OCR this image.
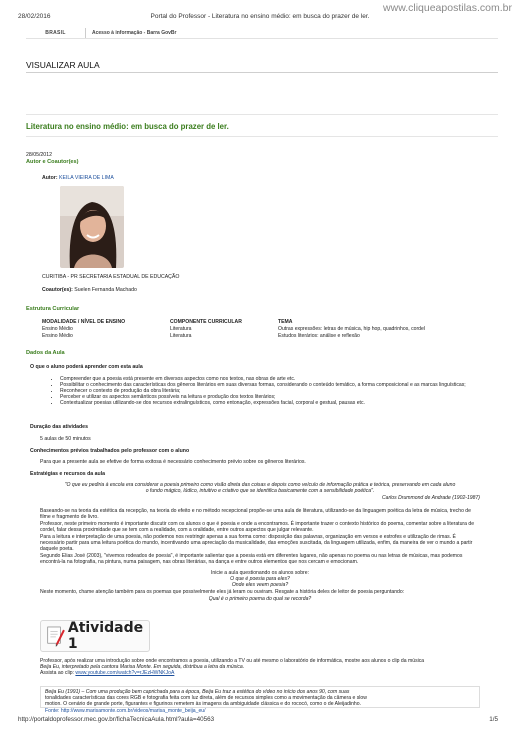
28/02/2016	Portal do Professor - Literatura no ensino médio: em busca do prazer de ler.
www.cliqueapostilas.com.br
BRASIL	Acesso à informação - Barra GovBr
VISUALIZAR AULA
Literatura no ensino médio: em busca do prazer de ler.
28/05/2012
Autor e Coautor(es)
Autor: KEILA VIEIRA DE LIMA
CURITIBA - PR SECRETARIA ESTADUAL DE EDUCAÇÃO
Coautor(es): Suelen Fernanda Machado
Estrutura Curricular
MODALIDADE / NÍVEL DE ENSINO	COMPONENTE CURRICULAR	TEMA
Ensino Médio	Literatura	Outras expressões: letras de música, hip hop, quadrinhos, cordel
Ensino Médio	Literatura	Estudos literários: análise e reflexão
Dados da Aula
O que o aluno poderá aprender com esta aula
• Compreender que a poesia está presente em diversos aspectos como nos textos, nas obras de arte etc.
• Possibilitar o conhecimento das características dos gêneros literários em suas diversas formas, considerando o conteúdo temático, a forma composicional e as marcas linguísticas;
• Reconhecer o contexto de produção da obra literária;
• Perceber e utilizar os aspectos semânticos possíveis na leitura e produção dos textos literários;
• Contextualizar poesias utilizando-se dos recursos extralinguísticos, como entonação, expressões facial, corporal e gestual, pausas etc.
Duração das atividades
5 aulas de 50 minutos
Conhecimentos prévios trabalhados pelo professor com o aluno
Para que a presente aula se efetive de forma exitosa é necessário conhecimento prévio sobre os gêneros literários.
Estratégias e recursos da aula
"O que eu pediria à escola era considerar a poesia primeiro como visão direta das coisas e depois como veículo de informação prática e teórica, preservando em cada aluno
o fundo mágico, lúdico, intuitivo e criativo que se identifica basicamente com a sensibilidade poética".
Carlos Drummond de Andrade (1902-1987)
Baseando-se na teoria da estética da recepção, na teoria do efeito e no método recepcional propõe-se uma aula de literatura, utilizando-se da linguagem poética da letra de música, trecho de filme e fragmento de livro.
Professor, neste primeiro momento é importante discutir com os alunos o que é poesia e onde a encontramos. É importante trazer o contexto histórico do poema, comentar sobre a literatura de cordel, falar dessa proximidade que se tem com a realidade, com a oralidade, entre outros aspectos que julgar relevante.
Para a leitura e interpretação de uma poesia, não podemos nos restringir apenas a sua forma como: disposição das palavras, organização em versos e estrofes e utilização de rimas. É necessário partir para uma leitura poética do mundo, incentivando uma apreciação da musicalidade, das emoções suscitada, da linguagem utilizada, enfim, da maneira de ver o mundo a partir daquele poeta.
Segundo Elias José (2003), "vivemos rodeados de poesia", é importante salientar que a poesia está em diferentes lugares, não apenas no poema ou nas letras de músicas, mas podemos encontrá-la na fotografia, na pintura, numa paisagem, nas obras literárias, na dança e entre outros elementos que nos cercam e emocionam.
Inicie a aula questionando os alunos sobre:
O que é poesia para eles?
Onde eles veem poesia?
Neste momento, chame atenção também para os poemas que possivelmente eles já leram ou ouviram. Resgate a história deles de leitor de poesia perguntando:
Qual é o primeiro poema do qual se recorda?
Atividade 1
Professor, após realizar uma introdução sobre onde encontramos a poesia, utilizando a TV ou até mesmo o laboratório de informática, mostre aos alunos o clip da música
Beija Eu, interpretado pela cantora Marisa Monte. Em seguida, distribua a letra da música.
Assista ao clip: www.youtube.com/watch?v=rJEzHWNKJoA
Beija Eu (1991) – Com uma produção bem caprichada para a época, Beija Eu traz a estética do vídeo no início dos anos 90, com suas
tonalidades características das cores RGB e fotografia feita com luz direta, além de recursos simples como a movimentação da câmera e slow
motion. O cenário de grande porte, figurantes e figurinos remetem às imagens da ambiguidade clássica e do rococó, como o de Aleijadinho.
Fonte: http://www.marisamonte.com.br/videos/marisa_monte_beija_eu/
http://portaldoprofessor.mec.gov.br/fichaTecnicaAula.html?aula=40563	1/5
